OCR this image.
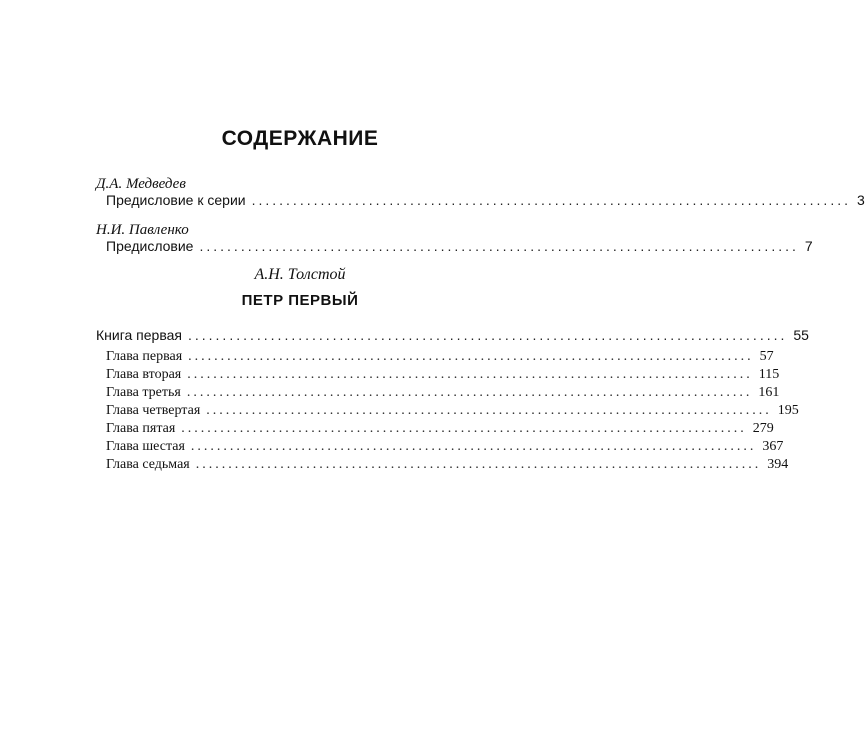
СОДЕРЖАНИЕ
Д.А. Медведев
Предисловие к серии ....................................................................................... 3
Н.И. Павленко
Предисловие ....................................................................................... 7
А.Н. Толстой
ПЕТР ПЕРВЫЙ
Книга первая ....................................................................................... 55
Глава первая ....................................................................................... 57
Глава вторая ....................................................................................... 115
Глава третья ....................................................................................... 161
Глава четвертая ....................................................................................... 195
Глава пятая ....................................................................................... 279
Глава шестая ....................................................................................... 367
Глава седьмая ....................................................................................... 394
